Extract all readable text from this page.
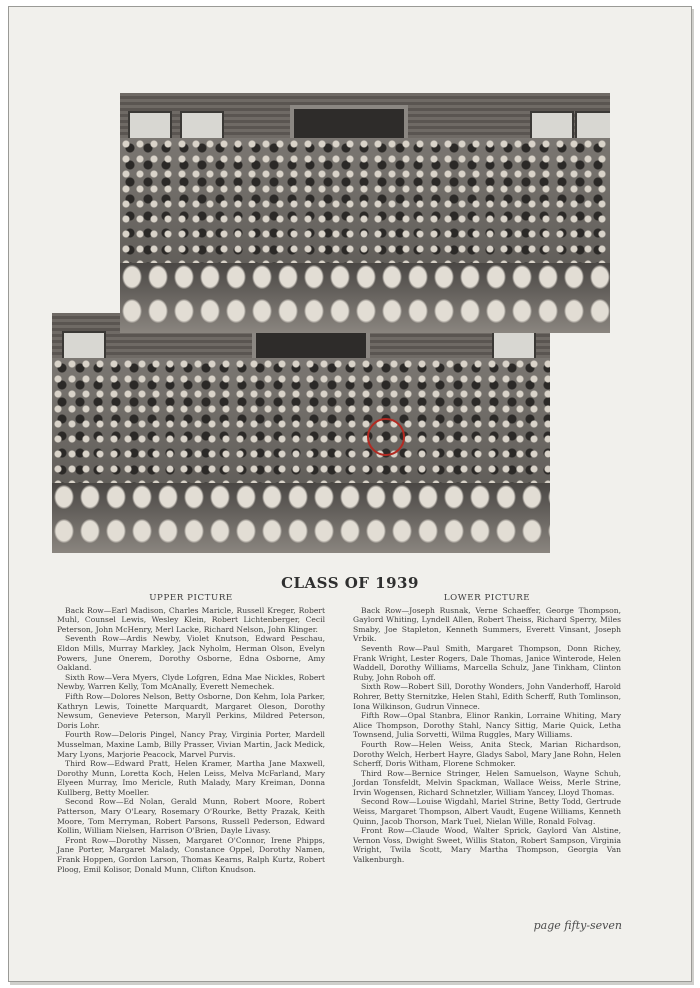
CLASS OF 1939
UPPER PICTURE

Back Row—Earl Madison, Charles Maricle, Russell Kreger, Robert Muhl, Counsel Lewis, Wesley Klein, Robert Lichtenberger, Cecil Peterson, John McHenry, Merl Lacke, Richard Nelson, John Klinger.

Seventh Row—Ardis Newby, Violet Knutson, Edward Peschau, Eldon Mills, Murray Markley, Jack Nyholm, Herman Olson, Evelyn Powers, June Onerem, Dorothy Osborne, Edna Osborne, Amy Oakland.

Sixth Row—Vera Myers, Clyde Lofgren, Edna Mae Nickles, Robert Newby, Warren Kelly, Tom McAnally, Everett Nemechek.

Fifth Row—Dolores Nelson, Betty Osborne, Don Kehm, Iola Parker, Kathryn Lewis, Toinette Marquardt, Margaret Oleson, Dorothy Newsum, Genevieve Peterson, Maryll Perkins, Mildred Peterson, Doris Lohr.

Fourth Row—Deloris Pingel, Nancy Pray, Virginia Porter, Mardell Musselman, Maxine Lamb, Billy Prasser, Vivian Martin, Jack Medick, Mary Lyons, Marjorie Peacock, Marvel Purvis.

Third Row—Edward Pratt, Helen Kramer, Martha Jane Maxwell, Dorothy Munn, Loretta Koch, Helen Leiss, Melva McFarland, Mary Elyeen Murray, Imo Mericle, Ruth Malady, Mary Kreiman, Donna Kullberg, Betty Moeller.

Second Row—Ed Nolan, Gerald Munn, Robert Moore, Robert Patterson, Mary O'Leary, Rosemary O'Rourke, Betty Prazak, Keith Moore, Tom Merryman, Robert Parsons, Russell Pederson, Edward Kollin, William Nielsen, Harrison O'Brien, Dayle Livasy.

Front Row—Dorothy Nissen, Margaret O'Connor, Irene Phipps, Jane Porter, Margaret Malady, Constance Oppel, Dorothy Namen, Frank Hoppen, Gordon Larson, Thomas Kearns, Ralph Kurtz, Robert Ploog, Emil Kolisor, Donald Munn, Clifton Knudson.

LOWER PICTURE

Back Row—Joseph Rusnak, Verne Schaeffer, George Thompson, Gaylord Whiting, Lyndell Allen, Robert Theiss, Richard Sperry, Miles Smaby, Joe Stapleton, Kenneth Summers, Everett Vinsant, Joseph Vrbik.

Seventh Row—Paul Smith, Margaret Thompson, Donn Richey, Frank Wright, Lester Rogers, Dale Thomas, Janice Winterode, Helen Waddell, Dorothy Williams, Marcella Schulz, Jane Tinkham, Clinton Ruby, John Roboh off.

Sixth Row—Robert Sill, Dorothy Wonders, John Vanderhoff, Harold Rohrer, Betty Sternitzke, Helen Stahl, Edith Scherff, Ruth Tomlinson, Iona Wilkinson, Gudrun Vinnece.

Fifth Row—Opal Stanbra, Elinor Rankin, Lorraine Whiting, Mary Alice Thompson, Dorothy Stahl, Nancy Sittig, Marie Quick, Letha Townsend, Julia Sorvetti, Wilma Ruggles, Mary Williams.

Fourth Row—Helen Weiss, Anita Steck, Marian Richardson, Dorothy Welch, Herbert Hayre, Gladys Sabol, Mary Jane Rohn, Helen Scherff, Doris Witham, Florene Schmoker.

Third Row—Bernice Stringer, Helen Samuelson, Wayne Schuh, Jordan Tonsfeldt, Melvin Spackman, Wallace Weiss, Merle Strine, Irvin Wogensen, Richard Schnetzler, William Yancey, Lloyd Thomas.

Second Row—Louise Wigdahl, Mariel Strine, Betty Todd, Gertrude Weiss, Margaret Thompson, Albert Vaudt, Eugene Williams, Kenneth Quinn, Jacob Thorson, Mark Tuel, Nielan Wille, Ronald Folvag.

Front Row—Claude Wood, Walter Sprick, Gaylord Van Alstine, Vernon Voss, Dwight Sweet, Willis Staton, Robert Sampson, Virginia Wright, Twila Scott, Mary Martha Thompson, Georgia Van Valkenburgh.

page fifty-seven
